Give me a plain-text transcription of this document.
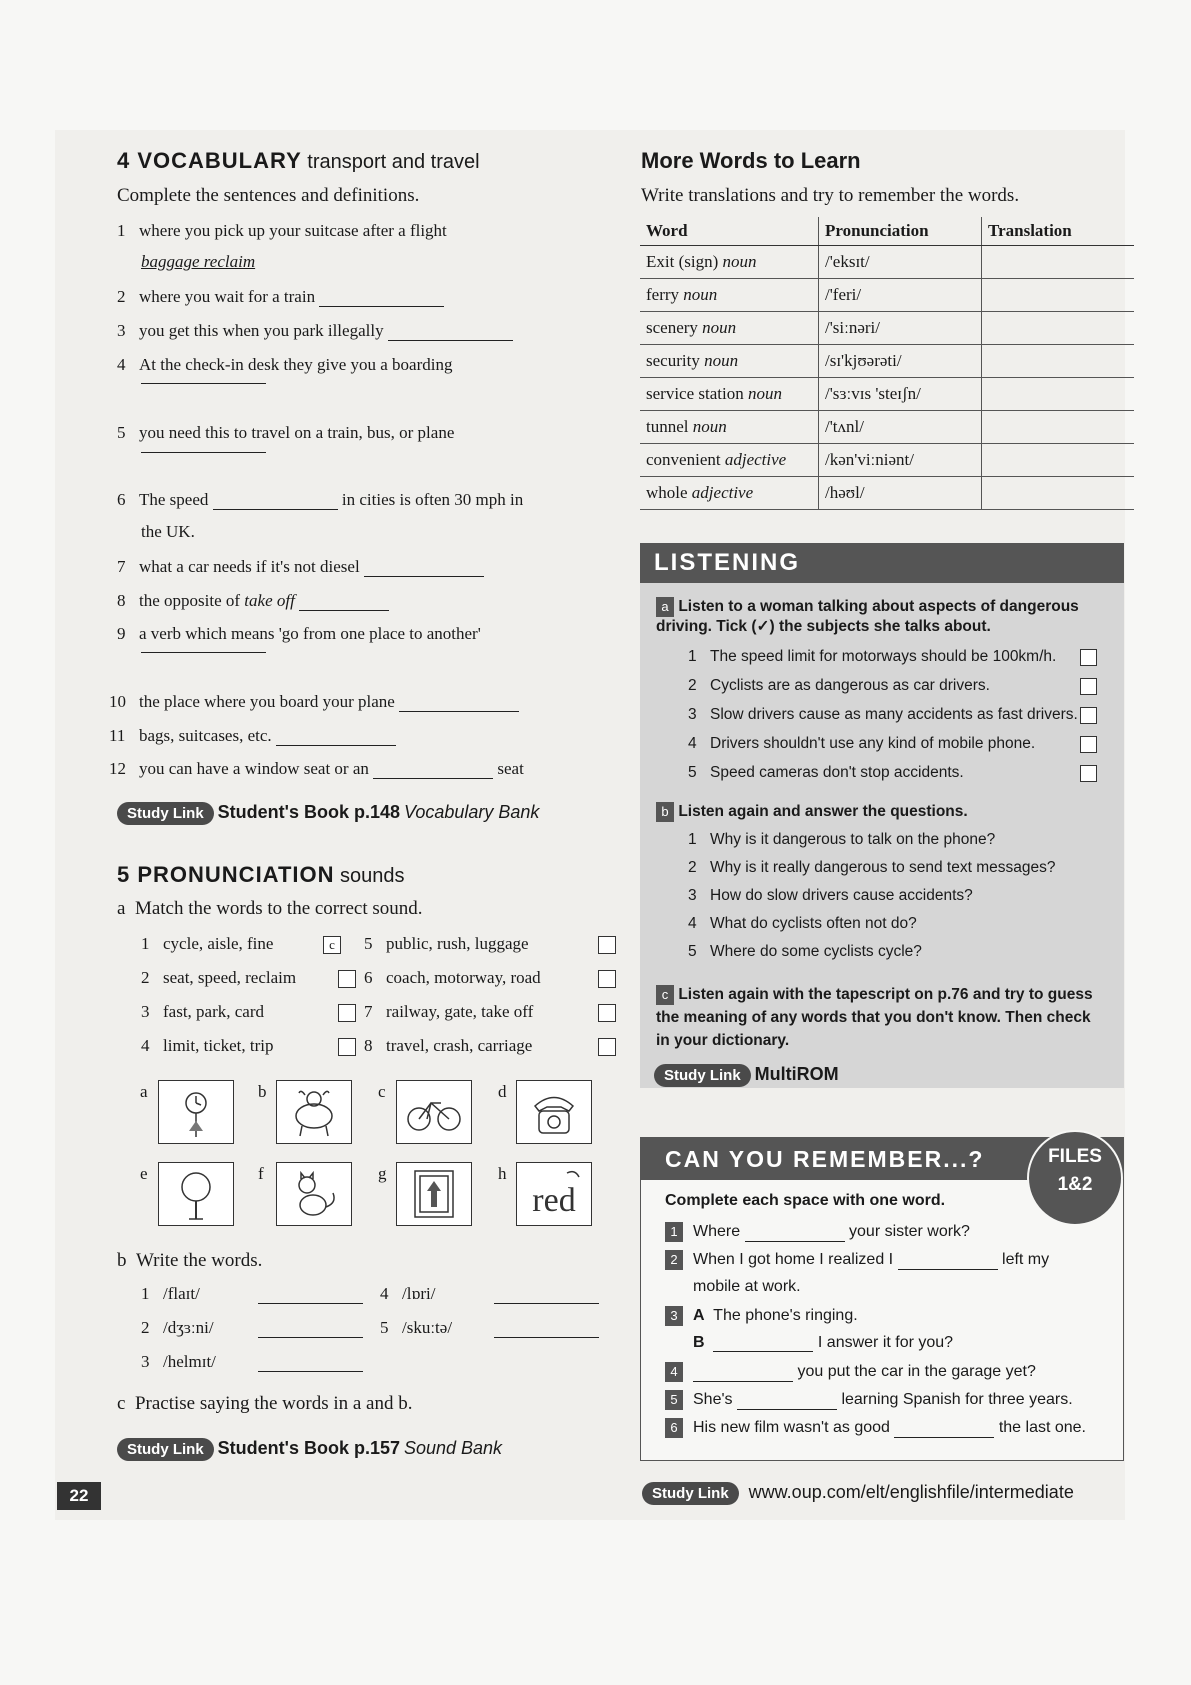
4 VOCABULARY transport and travel
Complete the sentences and definitions.
1 where you pick up your suitcase after a flight
baggage reclaim
2 where you wait for a train
3 you get this when you park illegally
4 At the check-in desk they give you a boarding
5 you need this to travel on a train, bus, or plane
6 The speed	in cities is often 30 mph in
the UK.
7 what a car needs if it's not diesel
8 the opposite of take off
9 a verb which means 'go from one place to another'
10 the place where you board your plane
11 bags, suitcases, etc.
12 you can have a window seat or an	seat
Study Link Student's Book p.148 Vocabulary Bank
5 PRONUNCIATION sounds
a Match the words to the correct sound.
1 cycle, aisle, fine	c
2 seat, speed, reclaim
3 fast, park, card
4 limit, ticket, trip
5 public, rush, luggage
6 coach, motorway, road
7 railway, gate, take off
8 travel, crash, carriage
a	b	c	d
e	f	g	h
red
b Write the words.
1 /flaɪt/
2 /dʒɜːni/
3 /helmɪt/
4 /lɒri/
5 /skuːtə/
c Practise saying the words in a and b.
Study Link Student's Book p.157 Sound Bank
More Words to Learn
Write translations and try to remember the words.
Word	Pronunciation	Translation
Exit (sign) noun	/'eksɪt/	
ferry noun	/'feri/	
scenery noun	/'siːnəri/	
security noun	/sɪ'kjʊərəti/	
service station noun	/'sɜːvɪs 'steɪʃn/	
tunnel noun	/'tʌnl/	
convenient adjective	/kən'viːniənt/	
whole adjective	/həʊl/	
LISTENING
a Listen to a woman talking about aspects of dangerous driving. Tick (✓) the subjects she talks about.
1 The speed limit for motorways should be 100km/h.
2 Cyclists are as dangerous as car drivers.
3 Slow drivers cause as many accidents as fast drivers.
4 Drivers shouldn't use any kind of mobile phone.
5 Speed cameras don't stop accidents.
b Listen again and answer the questions.
1 Why is it dangerous to talk on the phone?
2 Why is it really dangerous to send text messages?
3 How do slow drivers cause accidents?
4 What do cyclists often not do?
5 Where do some cyclists cycle?
c Listen again with the tapescript on p.76 and try to guess the meaning of any words that you don't know. Then check in your dictionary.
Study Link MultiROM
CAN YOU REMEMBER...?
Complete each space with one word.
1 Where	your sister work?
2 When I got home I realized I	left my
mobile at work.
3 A The phone's ringing.
B	I answer it for you?
4	you put the car in the garage yet?
5 She's	learning Spanish for three years.
6 His new film wasn't as good	the last one.
FILES
1&2
22	Study Link www.oup.com/elt/englishfile/intermediate
